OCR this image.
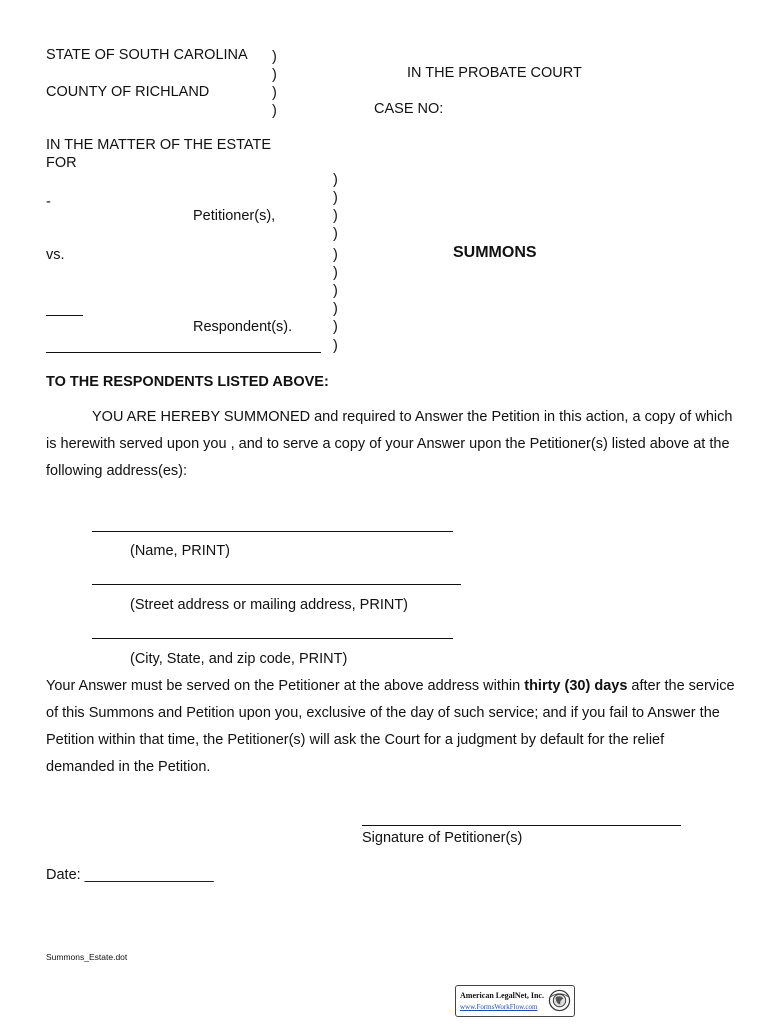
STATE OF SOUTH CAROLINA
COUNTY OF RICHLAND
IN THE PROBATE COURT
CASE NO:
)
)
)
)
IN THE MATTER OF THE ESTATE
FOR
-
Petitioner(s),
vs.
Respondent(s).
)
)
)
)
)
)
)
)
)
)
SUMMONS
TO THE RESPONDENTS LISTED ABOVE:
YOU ARE HEREBY SUMMONED and required to Answer the Petition in this action, a copy of which is herewith served upon you , and to serve a copy of your Answer upon the Petitioner(s) listed above at the following address(es):
(Name, PRINT)
(Street address or mailing address, PRINT)
(City, State, and zip code, PRINT)
Your Answer must be served on the Petitioner at the above address within thirty (30) days after the service of this Summons and Petition upon you, exclusive of the day of such service; and if you fail to Answer the Petition within that time, the Petitioner(s) will ask the Court for a judgment by default for the relief demanded in the Petition.
Signature of Petitioner(s)
Date: ________________
Summons_Estate.dot
American LegalNet, Inc.
www.FormsWorkFlow.com
